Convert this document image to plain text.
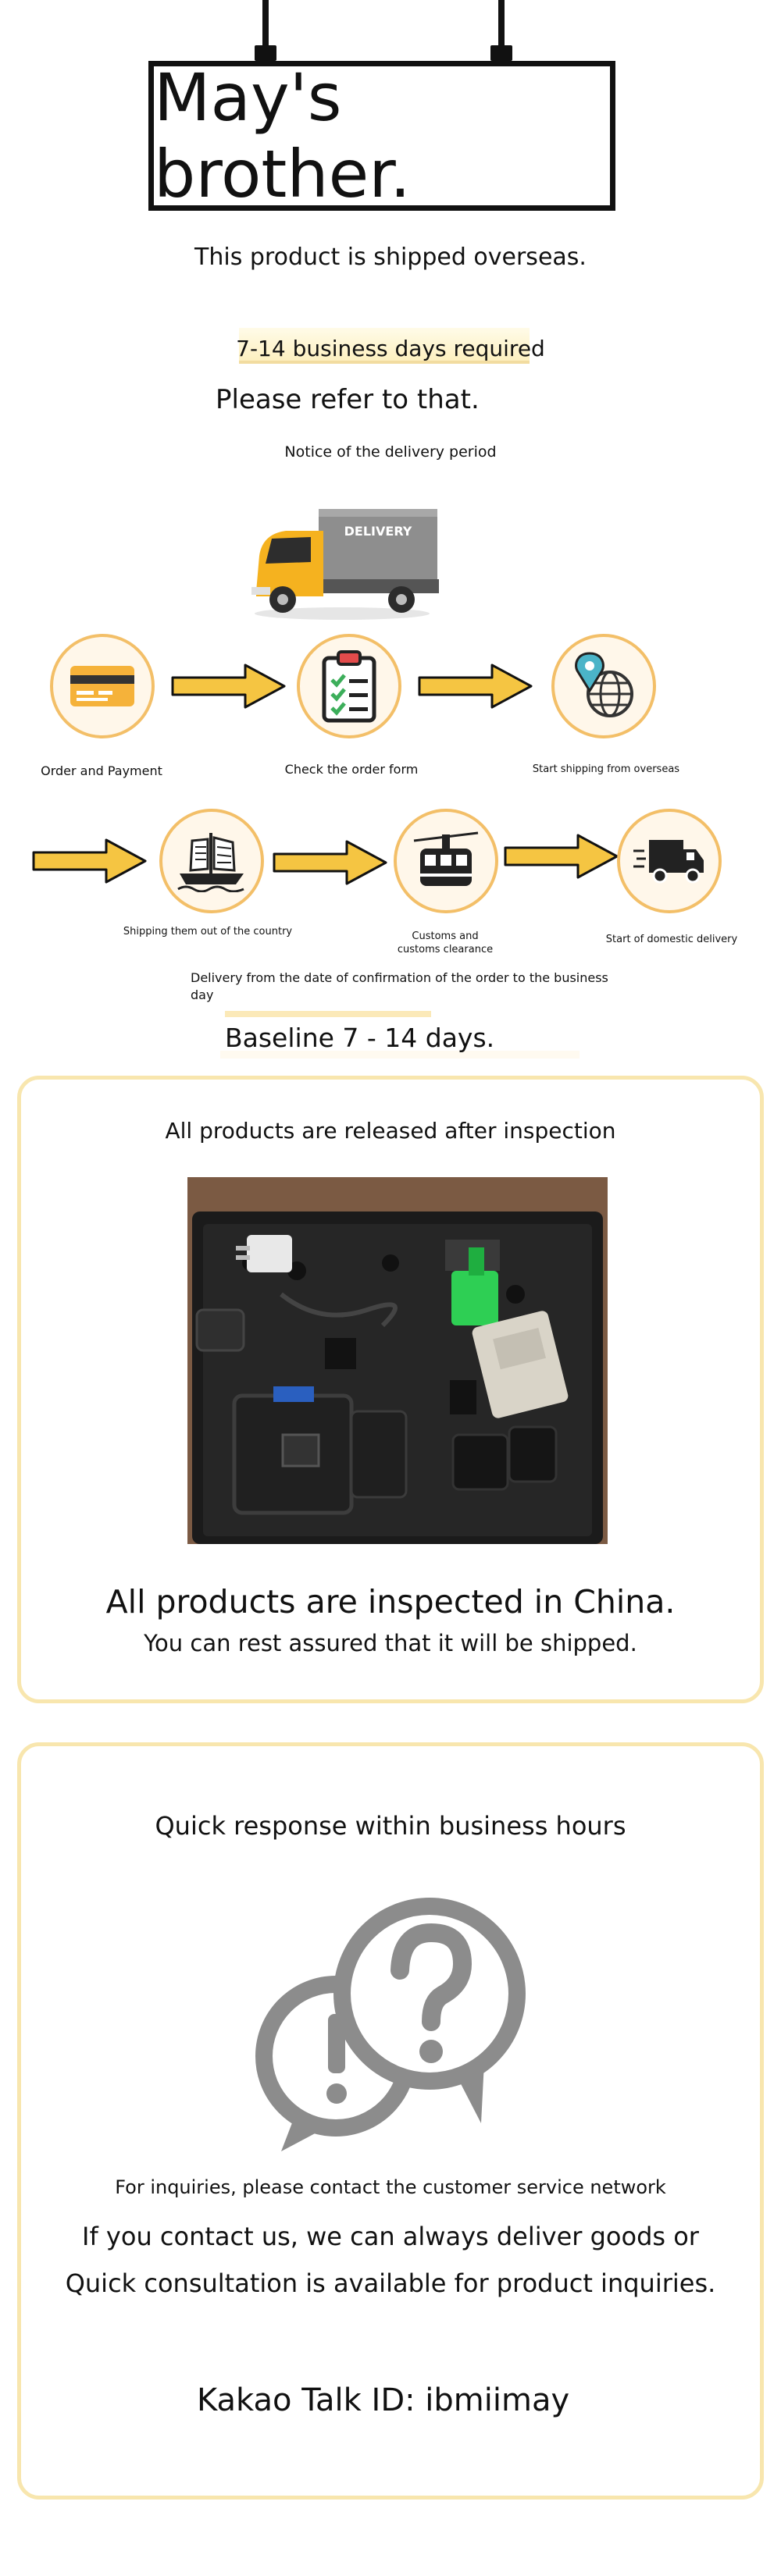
May's brother.
This product is shipped overseas.
7-14 business days required
Please refer to that.
Notice of the delivery period
DELIVERY
Order and Payment	Check the order form	Start shipping from overseas
Shipping them out of the country	Customs and
customs clearance
Start of domestic delivery
Delivery from the date of confirmation of the order to the business day
Baseline 7 - 14 days.
All products are released after inspection
All products are inspected in China.
You can rest assured that it will be shipped.
Quick response within business hours
For inquiries, please contact the customer service network
If you contact us, we can always deliver goods or
Quick consultation is available for product inquiries.
Kakao Talk ID: ibmiimay
